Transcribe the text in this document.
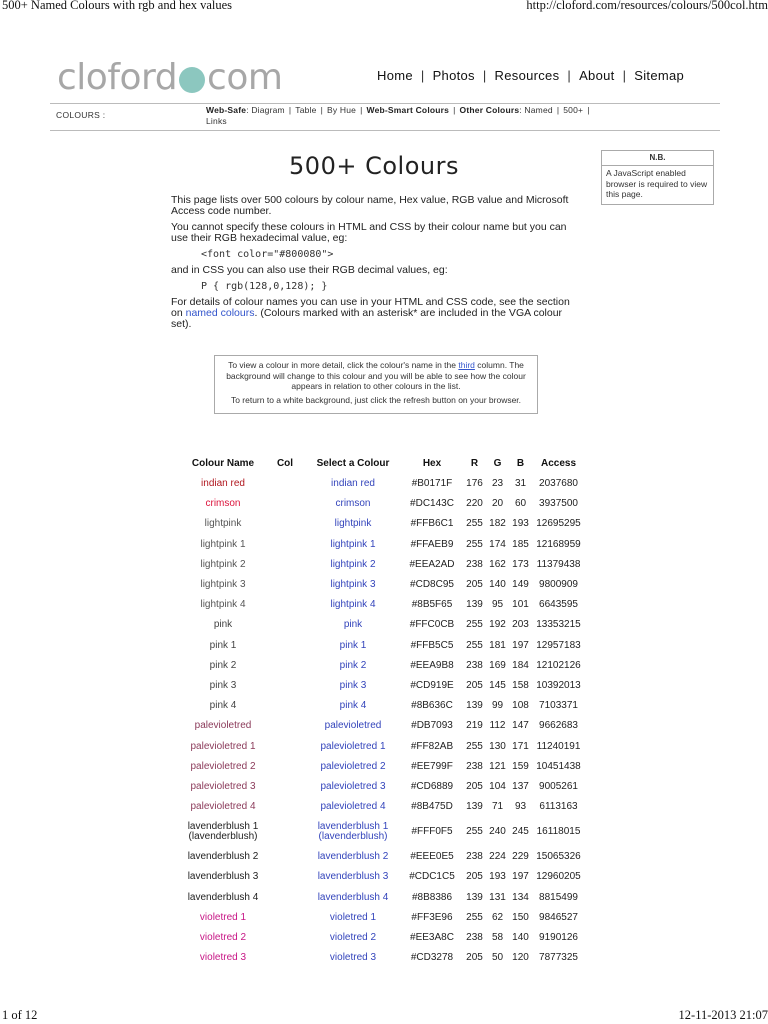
500+ Named Colours with rgb and hex values	http://cloford.com/resources/colours/500col.htm
cloford com	Home | Photos | Resources | About | Sitemap
COLOURS :	Web-Safe: Diagram | Table | By Hue | Web-Smart Colours | Other Colours: Named | 500+ |
Links
N.B.
A JavaScript enabled browser is required to view this page.
500+ Colours

This page lists over 500 colours by colour name, Hex value, RGB value and Microsoft Access code number.

You cannot specify these colours in HTML and CSS by their colour name but you can use their RGB hexadecimal value, eg:

<font color="#800080">

and in CSS you can also use their RGB decimal values, eg:

P { rgb(128,0,128); }

For details of colour names you can use in your HTML and CSS code, see the section on named colours. (Colours marked with an asterisk* are included in the VGA colour set).

To view a colour in more detail, click the colour's name in the third column. The background will change to this colour and you will be able to see how the colour appears in relation to other colours in the list.

To return to a white background, just click the refresh button on your browser.

Colour Name	Col	Select a Colour	Hex	R	G	B	Access
indian red		indian red	#B0171F	176	23	31	2037680
crimson		crimson	#DC143C	220	20	60	3937500
lightpink		lightpink	#FFB6C1	255	182	193	12695295
lightpink 1		lightpink 1	#FFAEB9	255	174	185	12168959
lightpink 2		lightpink 2	#EEA2AD	238	162	173	11379438
lightpink 3		lightpink 3	#CD8C95	205	140	149	9800909
lightpink 4		lightpink 4	#8B5F65	139	95	101	6643595
pink		pink	#FFC0CB	255	192	203	13353215
pink 1		pink 1	#FFB5C5	255	181	197	12957183
pink 2		pink 2	#EEA9B8	238	169	184	12102126
pink 3		pink 3	#CD919E	205	145	158	10392013
pink 4		pink 4	#8B636C	139	99	108	7103371
palevioletred		palevioletred	#DB7093	219	112	147	9662683
palevioletred 1		palevioletred 1	#FF82AB	255	130	171	11240191
palevioletred 2		palevioletred 2	#EE799F	238	121	159	10451438
palevioletred 3		palevioletred 3	#CD6889	205	104	137	9005261
palevioletred 4		palevioletred 4	#8B475D	139	71	93	6113163
lavenderblush 1 (lavenderblush)		lavenderblush 1 (lavenderblush)	#FFF0F5	255	240	245	16118015
lavenderblush 2		lavenderblush 2	#EEE0E5	238	224	229	15065326
lavenderblush 3		lavenderblush 3	#CDC1C5	205	193	197	12960205
lavenderblush 4		lavenderblush 4	#8B8386	139	131	134	8815499
violetred 1		violetred 1	#FF3E96	255	62	150	9846527
violetred 2		violetred 2	#EE3A8C	238	58	140	9190126
violetred 3		violetred 3	#CD3278	205	50	120	7877325
1 of 12	12-11-2013 21:07
